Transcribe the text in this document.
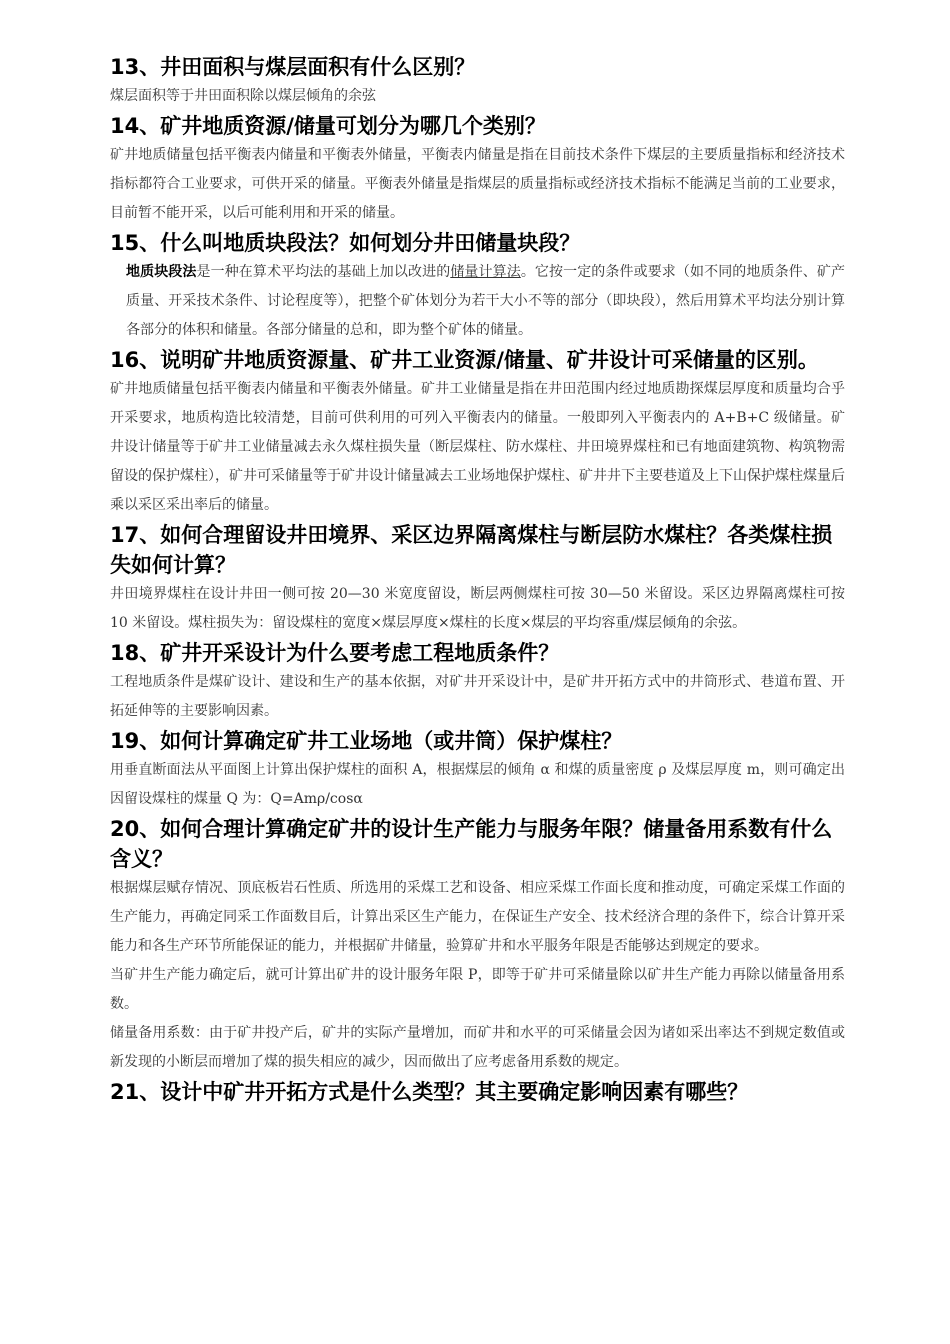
13、井田面积与煤层面积有什么区别？

煤层面积等于井田面积除以煤层倾角的余弦

14、矿井地质资源/储量可划分为哪几个类别？

矿井地质储量包括平衡表内储量和平衡表外储量，平衡表内储量是指在目前技术条件下煤层的主要质量指标和经济技术指标都符合工业要求，可供开采的储量。平衡表外储量是指煤层的质量指标或经济技术指标不能满足当前的工业要求，目前暂不能开采，以后可能利用和开采的储量。

15、什么叫地质块段法？如何划分井田储量块段？

地质块段法是一种在算术平均法的基础上加以改进的储量计算法。它按一定的条件或要求（如不同的地质条件、矿产质量、开采技术条件、讨论程度等），把整个矿体划分为若干大小不等的部分（即块段），然后用算术平均法分别计算各部分的体积和储量。各部分储量的总和，即为整个矿体的储量。

16、说明矿井地质资源量、矿井工业资源/储量、矿井设计可采储量的区别。

矿井地质储量包括平衡表内储量和平衡表外储量。矿井工业储量是指在井田范围内经过地质勘探煤层厚度和质量均合乎开采要求，地质构造比较清楚，目前可供利用的可列入平衡表内的储量。一般即列入平衡表内的 A+B+C 级储量。矿井设计储量等于矿井工业储量减去永久煤柱损失量（断层煤柱、防水煤柱、井田境界煤柱和已有地面建筑物、构筑物需留设的保护煤柱），矿井可采储量等于矿井设计储量减去工业场地保护煤柱、矿井井下主要巷道及上下山保护煤柱煤量后乘以采区采出率后的储量。

17、如何合理留设井田境界、采区边界隔离煤柱与断层防水煤柱？各类煤柱损失如何计算？

井田境界煤柱在设计井田一侧可按 20—30 米宽度留设，断层两侧煤柱可按 30—50 米留设。采区边界隔离煤柱可按 10 米留设。煤柱损失为：留设煤柱的宽度×煤层厚度×煤柱的长度×煤层的平均容重/煤层倾角的余弦。

18、矿井开采设计为什么要考虑工程地质条件？

工程地质条件是煤矿设计、建设和生产的基本依据，对矿井开采设计中，是矿井开拓方式中的井筒形式、巷道布置、开拓延伸等的主要影响因素。

19、如何计算确定矿井工业场地（或井筒）保护煤柱？

用垂直断面法从平面图上计算出保护煤柱的面积 A，根据煤层的倾角 α 和煤的质量密度 ρ 及煤层厚度 m，则可确定出因留设煤柱的煤量 Q 为：Q=Amρ/cosα

20、如何合理计算确定矿井的设计生产能力与服务年限？储量备用系数有什么含义？

根据煤层赋存情况、顶底板岩石性质、所选用的采煤工艺和设备、相应采煤工作面长度和推动度，可确定采煤工作面的生产能力，再确定同采工作面数目后，计算出采区生产能力，在保证生产安全、技术经济合理的条件下，综合计算开采能力和各生产环节所能保证的能力，并根据矿井储量，验算矿井和水平服务年限是否能够达到规定的要求。

当矿井生产能力确定后，就可计算出矿井的设计服务年限 P，即等于矿井可采储量除以矿井生产能力再除以储量备用系数。

储量备用系数：由于矿井投产后，矿井的实际产量增加，而矿井和水平的可采储量会因为诸如采出率达不到规定数值或新发现的小断层而增加了煤的损失相应的减少，因而做出了应考虑备用系数的规定。

21、设计中矿井开拓方式是什么类型？其主要确定影响因素有哪些？
